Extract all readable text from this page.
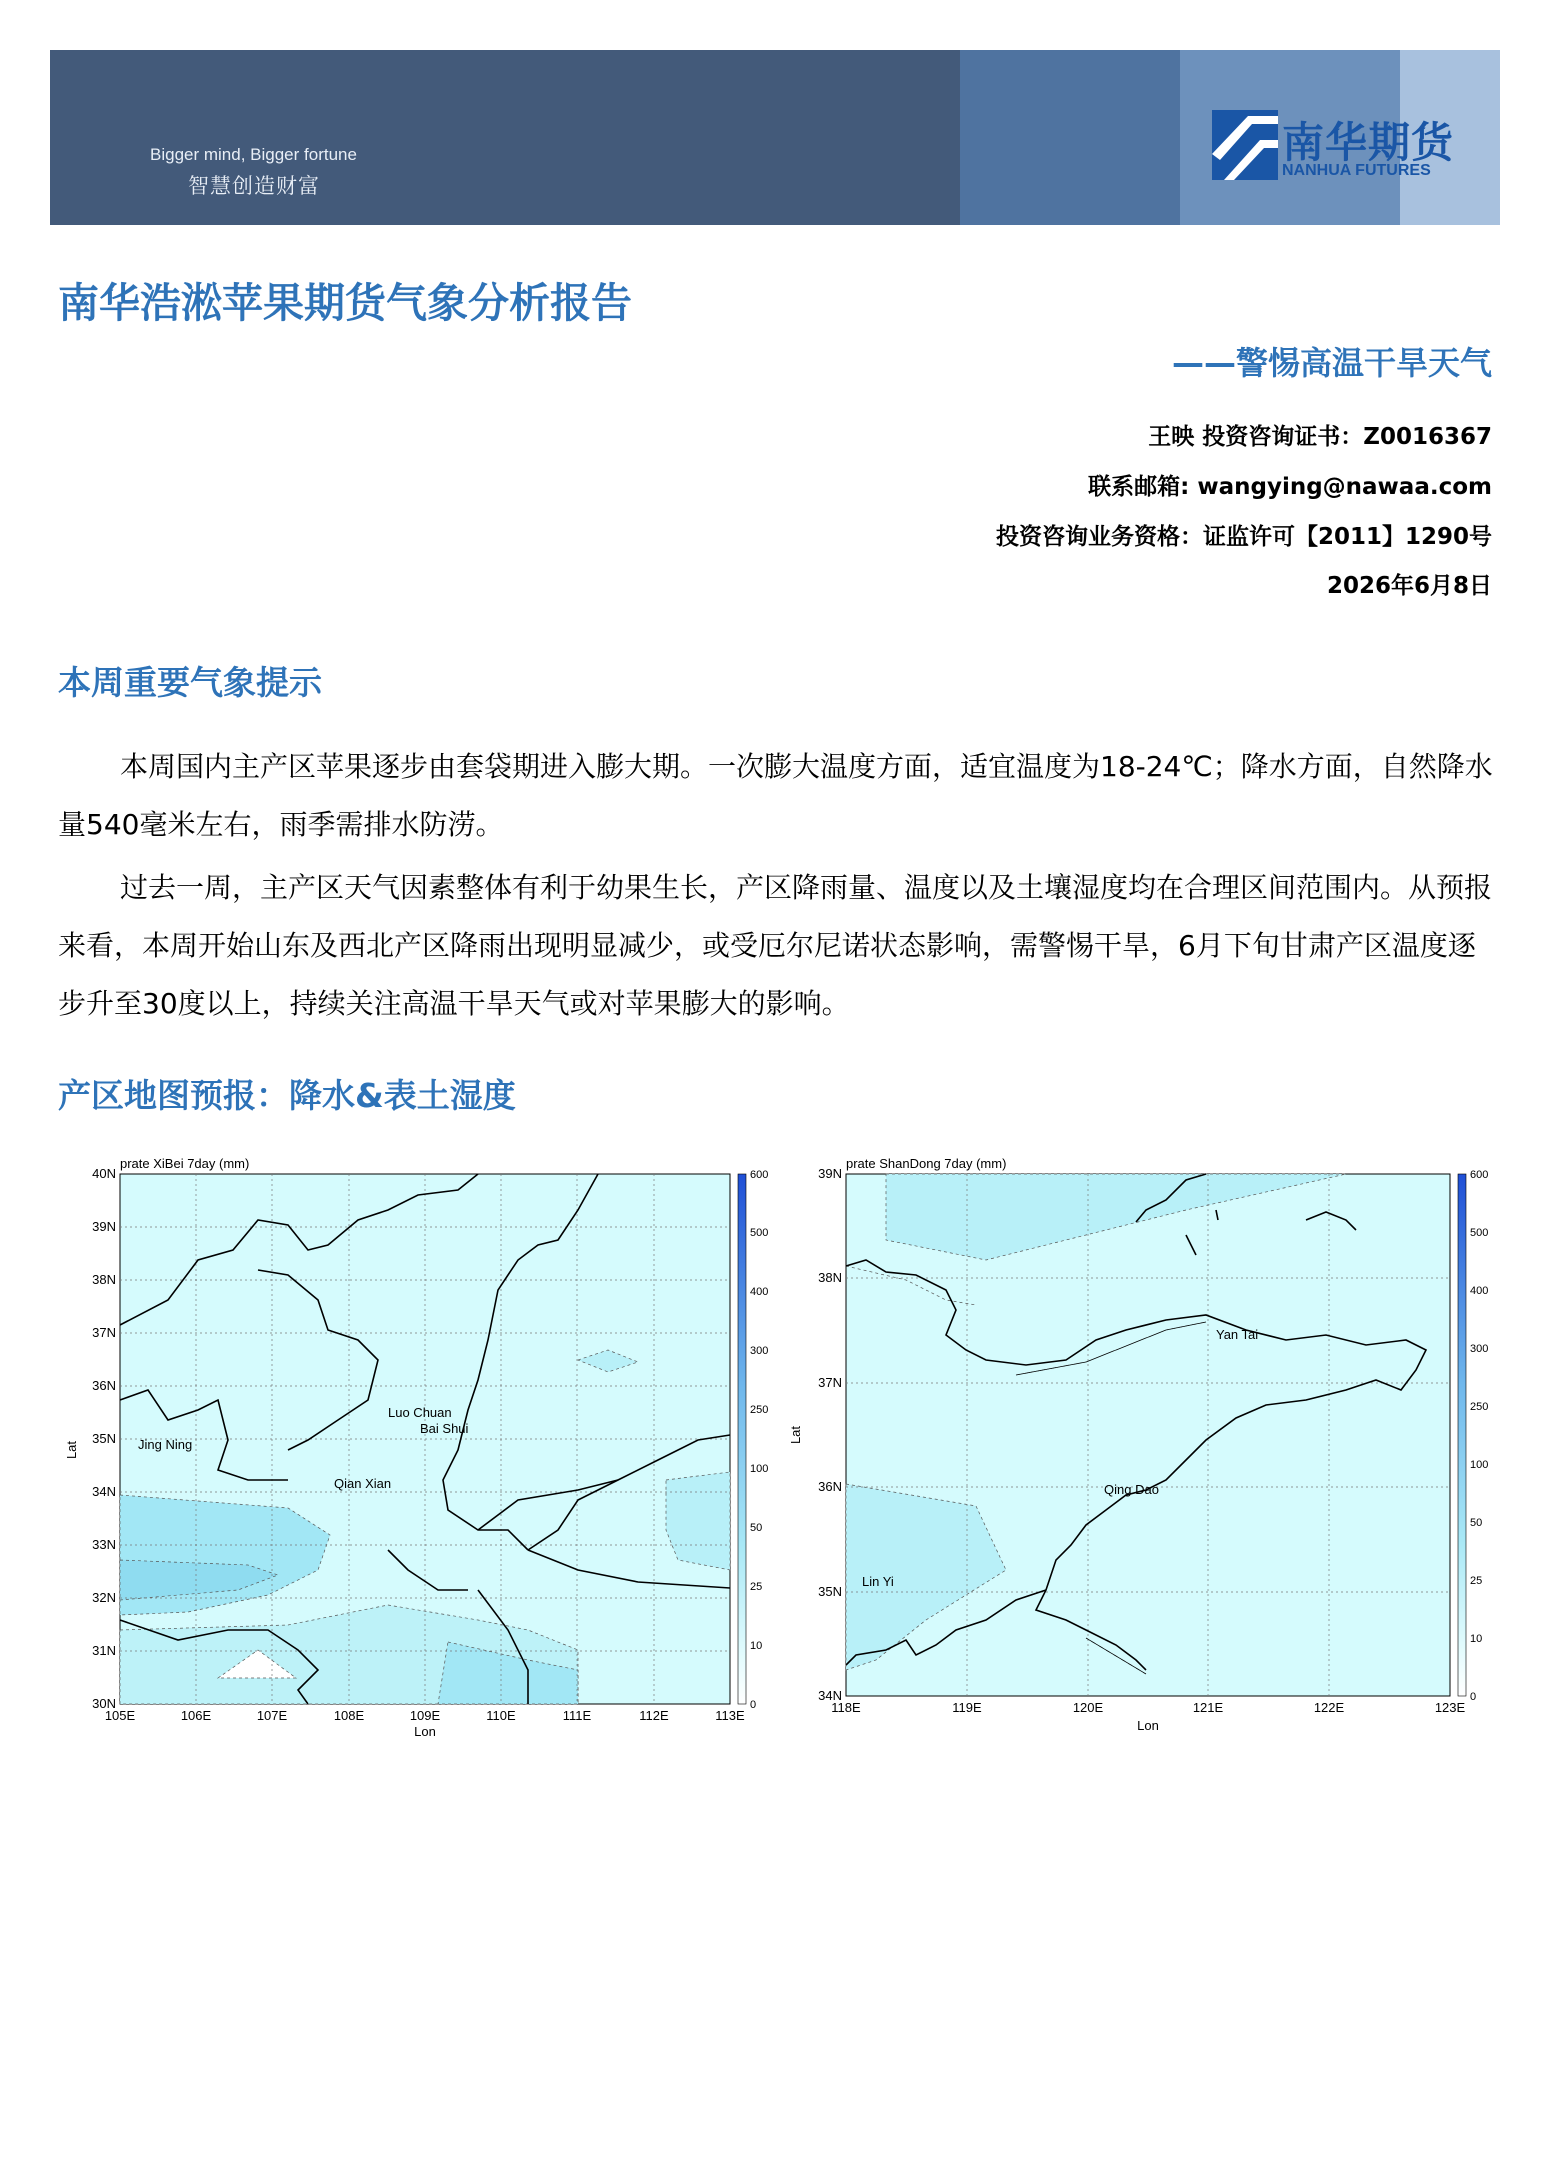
Bigger mind, Bigger fortune
智慧创造财富
南华期货
NANHUA FUTURES
南华浩淞苹果期货气象分析报告
——警惕高温干旱天气
王映 投资咨询证书：Z0016367
联系邮箱: wangying@nawaa.com
投资咨询业务资格：证监许可【2011】1290号
2026年6月8日
本周重要气象提示
本周国内主产区苹果逐步由套袋期进入膨大期。一次膨大温度方面，适宜温度为18-24℃；降水方面，自然降水量540毫米左右，雨季需排水防涝。
过去一周，主产区天气因素整体有利于幼果生长，产区降雨量、温度以及土壤湿度均在合理区间范围内。从预报来看，本周开始山东及西北产区降雨出现明显减少，或受厄尔尼诺状态影响，需警惕干旱，6月下旬甘肃产区温度逐步升至30度以上，持续关注高温干旱天气或对苹果膨大的影响。
产区地图预报：降水&表土湿度
prate XiBei 7day (mm)
Jing Ning
Luo Chuan
Bai Shui
Qian Xian
105E	106E	107E	108E	109E	110E	111E	112E	113E
Lon
30N
31N
32N
33N
34N
35N
36N
37N
38N
39N
40N
Lat
0
10
25
50
100
250
300
400
500
600
prate ShanDong 7day (mm)
Yan Tai
Qing Dao
Lin Yi
118E	119E	120E	121E	122E	123E
Lon
34N
35N
36N
37N
38N
39N
Lat
0
10
25
50
100
250
300
400
500
600
